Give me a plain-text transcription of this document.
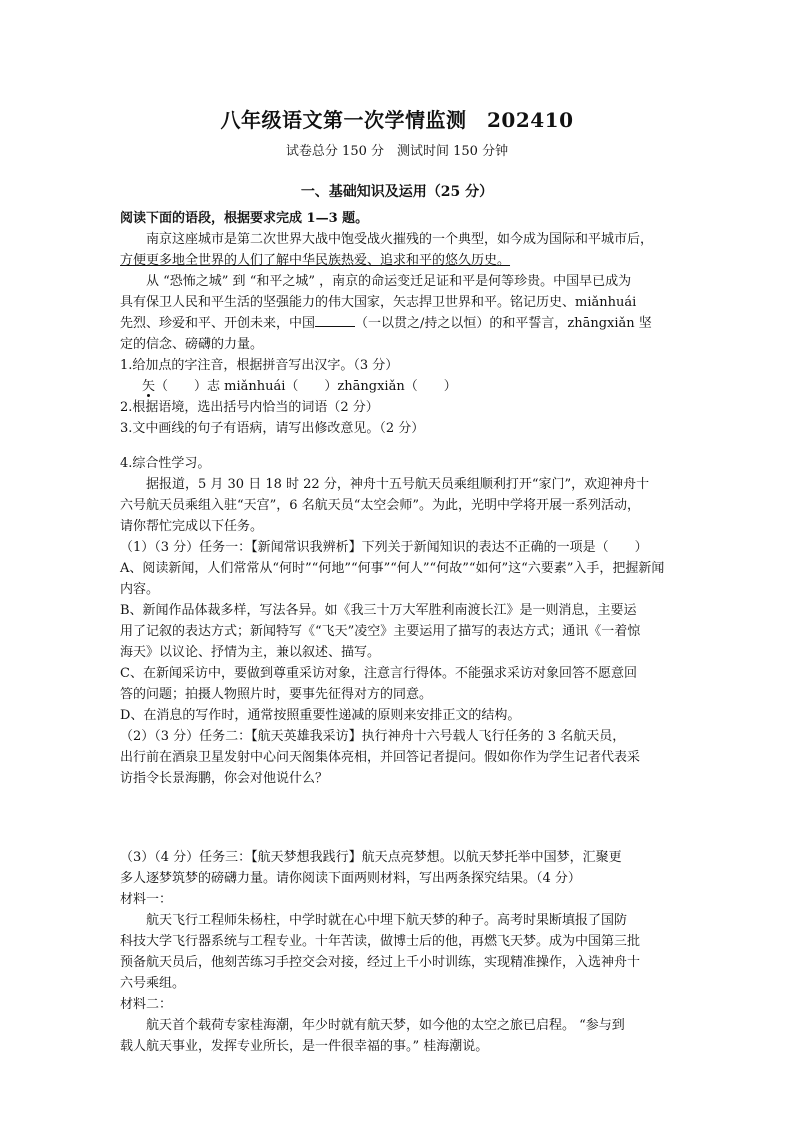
八年级语文第一次学情监测　202410
试卷总分 150 分　测试时间 150 分钟
一、基础知识及运用（25 分）

阅读下面的语段，根据要求完成 1—3 题。

南京这座城市是第二次世界大战中饱受战火摧残的一个典型，如今成为国际和平城市后，

方便更多地全世界的人们了解中华民族热爱、追求和平的悠久历史。

从 “恐怖之城” 到 “和平之城” ，南京的命运变迁足证和平是何等珍贵。中国早已成为

具有保卫人民和平生活的坚强能力的伟大国家，矢志捍卫世界和平。铭记历史、miǎnhuái

先烈、珍爱和平、开创未来，中国	（一以贯之/持之以恒）的和平誓言，zhāngxiǎn 坚

定的信念、磅礴的力量。

1.给加点的字注音，根据拼音写出汉字。（3 分）

矢（　　）志 miǎnhuái（　　）zhāngxiǎn（　　）

2.根据语境，选出括号内恰当的词语（2 分）

3.文中画线的句子有语病，请写出修改意见。（2 分）

4.综合性学习。

据报道，5 月 30 日 18 时 22 分，神舟十五号航天员乘组顺利打开“家门”，欢迎神舟十

六号航天员乘组入驻“天宫”，6 名航天员“太空会师”。为此，光明中学将开展一系列活动，

请你帮忙完成以下任务。

（1）（3 分）任务一：【新闻常识我辨析】下列关于新闻知识的表达不正确的一项是（　　）

A、阅读新闻，人们常常从“何时”“何地”“何事”“何人”“何故”“如何”这“六要素”入手，把握新闻

内容。

B、新闻作品体裁多样，写法各异。如《我三十万大军胜利南渡长江》是一则消息，主要运

用了记叙的表达方式；新闻特写《“飞天”凌空》主要运用了描写的表达方式；通讯《一着惊

海天》以议论、抒情为主，兼以叙述、描写。

C、在新闻采访中，要做到尊重采访对象，注意言行得体。不能强求采访对象回答不愿意回

答的问题；拍摄人物照片时，要事先征得对方的同意。

D、在消息的写作时，通常按照重要性递减的原则来安排正文的结构。

（2）（3 分）任务二：【航天英雄我采访】执行神舟十六号载人飞行任务的 3 名航天员，

出行前在酒泉卫星发射中心问天阁集体亮相，并回答记者提问。假如你作为学生记者代表采

访指令长景海鹏，你会对他说什么？

（3）（4 分）任务三：【航天梦想我践行】航天点亮梦想。以航天梦托举中国梦，汇聚更

多人逐梦筑梦的磅礴力量。请你阅读下面两则材料，写出两条探究结果。（4 分）

材料一：

航天飞行工程师朱杨柱，中学时就在心中埋下航天梦的种子。高考时果断填报了国防

科技大学飞行器系统与工程专业。十年苦读，做博士后的他，再燃飞天梦。成为中国第三批

预备航天员后，他刻苦练习手控交会对接，经过上千小时训练，实现精准操作，入选神舟十

六号乘组。

材料二：

航天首个载荷专家桂海潮，年少时就有航天梦，如今他的太空之旅已启程。 “参与到

载人航天事业，发挥专业所长，是一件很幸福的事。” 桂海潮说。
